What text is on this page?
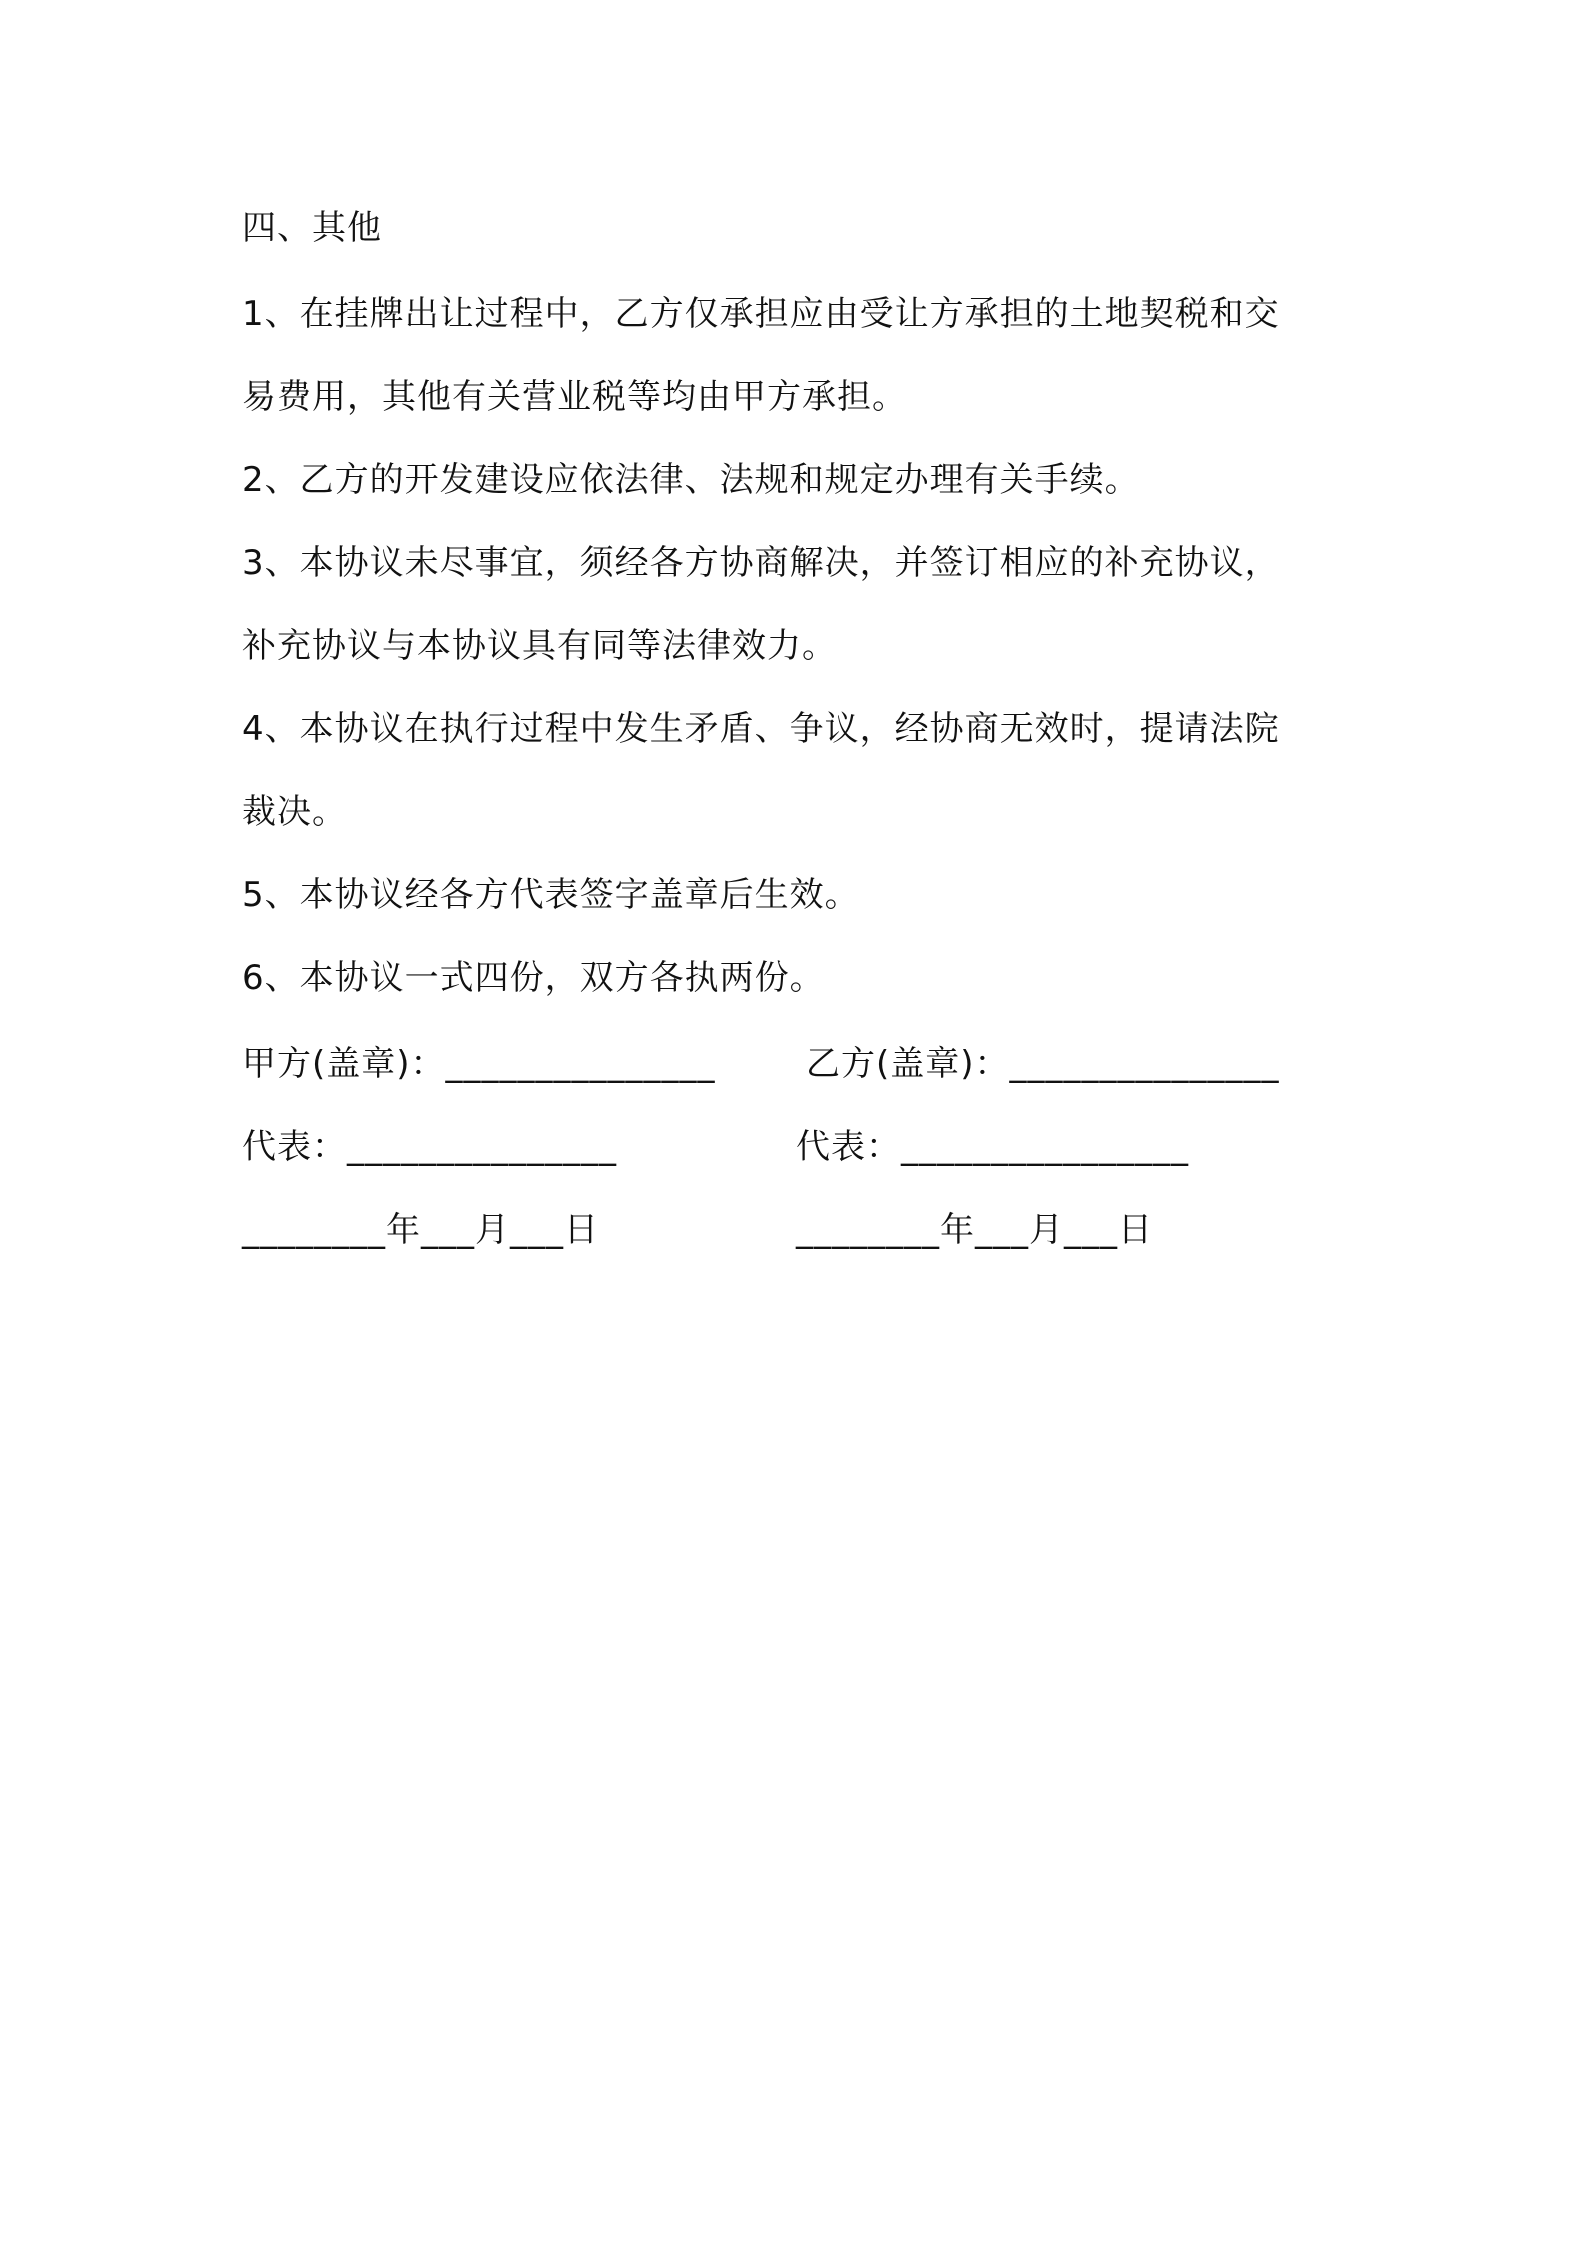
四、其他
1、在挂牌出让过程中，乙方仅承担应由受让方承担的土地契税和交
易费用，其他有关营业税等均由甲方承担。
2、乙方的开发建设应依法律、法规和规定办理有关手续。
3、本协议未尽事宜，须经各方协商解决，并签订相应的补充协议，
补充协议与本协议具有同等法律效力。
4、本协议在执行过程中发生矛盾、争议，经协商无效时，提请法院
裁决。
5、本协议经各方代表签字盖章后生效。
6、本协议一式四份，双方各执两份。
甲方(盖章)：_______________	乙方(盖章)：_______________
代表：_______________	代表：________________
________年___月___日	________年___月___日
